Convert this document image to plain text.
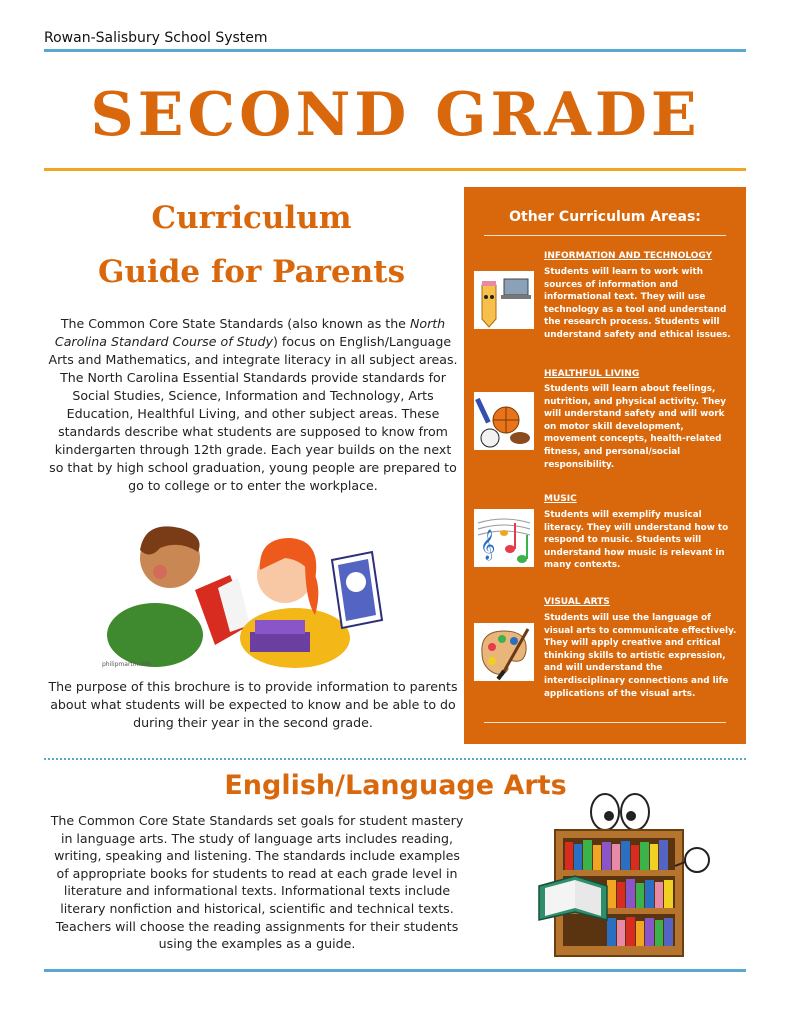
Rowan-Salisbury School System
SECOND GRADE
Curriculum
Guide for Parents
The Common Core State Standards (also known as the North Carolina Standard Course of Study) focus on English/Language Arts and Mathematics, and integrate literacy in all subject areas. The North Carolina Essential Standards provide standards for Social Studies, Science, Information and Technology, Arts Education, Healthful Living, and other subject areas. These standards describe what students are supposed to know from kindergarten through 12th grade. Each year builds on the next so that by high school graduation, young people are prepared to go to college or to enter the workplace.
philipmartin.info
The purpose of this brochure is to provide information to parents about what students will be expected to know and be able to do during their year in the second grade.
Other Curriculum Areas:
INFORMATION AND TECHNOLOGY
Students will learn to work with sources of information and informational text. They will use technology as a tool and understand the research process. Students will understand safety and ethical issues.
HEALTHFUL LIVING
Students will learn about feelings, nutrition, and physical activity. They will understand safety and will work on motor skill development, movement concepts, health-related fitness, and personal/social responsibility.
MUSIC
𝄞
Students will exemplify musical literacy. They will understand how to respond to music. Students will understand how music is relevant in many contexts.
VISUAL ARTS
Students will use the language of visual arts to communicate effectively. They will apply creative and critical thinking skills to artistic expression, and will understand the interdisciplinary connections and life applications of the visual arts.
English/Language Arts
The Common Core State Standards set goals for student mastery in language arts. The study of language arts includes reading, writing, speaking and listening. The standards include examples of appropriate books for students to read at each grade level in literature and informational texts. Informational texts include literary nonfiction and historical, scientific and technical texts. Teachers will choose the reading assignments for their students using the examples as a guide.
